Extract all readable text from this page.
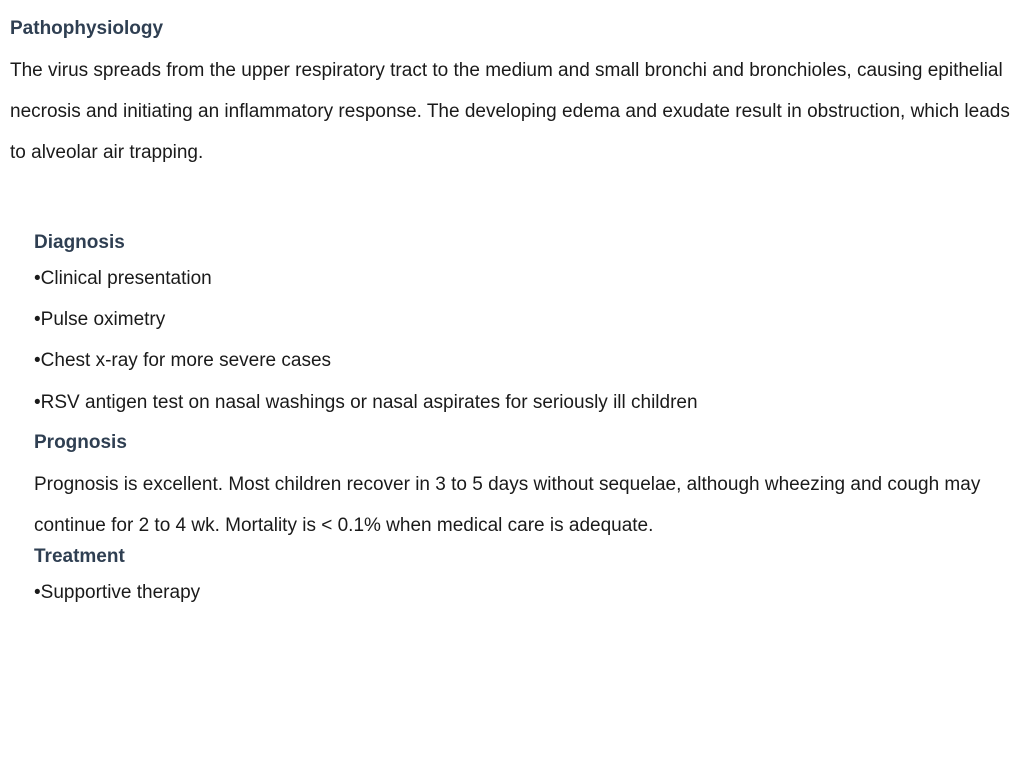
Pathophysiology

The virus spreads from the upper respiratory tract to the medium and small bronchi and bronchioles, causing epithelial necrosis and initiating an inflammatory response. The developing edema and exudate result in obstruction, which leads to alveolar air trapping.

Diagnosis

•Clinical presentation

•Pulse oximetry

•Chest x-ray for more severe cases

•RSV antigen test on nasal washings or nasal aspirates for seriously ill children

Prognosis

Prognosis is excellent. Most children recover in 3 to 5 days without sequelae, although wheezing and cough may continue for 2 to 4 wk. Mortality is < 0.1% when medical care is adequate.

Treatment

•Supportive therapy
